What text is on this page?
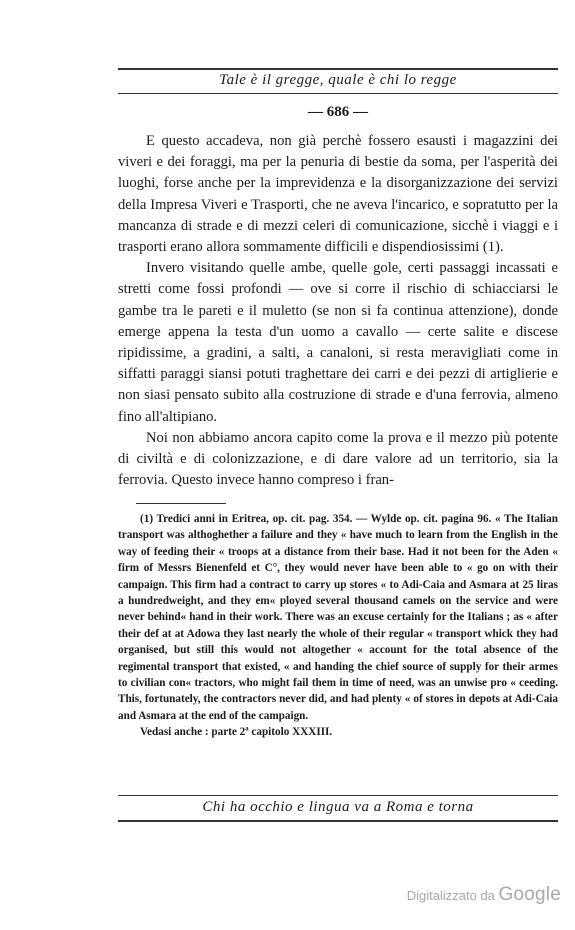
Tale è il gregge, quale è chi lo regge
— 686 —

E questo accadeva, non già perchè fossero esausti i magazzini dei viveri e dei foraggi, ma per la penuria di bestie da soma, per l'asperità dei luoghi, forse anche per la imprevidenza e la disorganizzazione dei servizi della Impresa Viveri e Trasporti, che ne aveva l'incarico, e sopratutto per la mancanza di strade e di mezzi celeri di comunicazione, sicchè i viaggi e i trasporti erano allora sommamente difficili e dispendiosissimi (1).

Invero visitando quelle ambe, quelle gole, certi passaggi incassati e stretti come fossi profondi — ove si corre il rischio di schiacciarsi le gambe tra le pareti e il muletto (se non si fa continua attenzione), donde emerge appena la testa d'un uomo a cavallo — certe salite e discese ripidissime, a gradini, a salti, a canaloni, si resta meravigliati come in siffatti paraggi siansi potuti traghettare dei carri e dei pezzi di artiglierie e non siasi pensato subito alla costruzione di strade e d'una ferrovia, almeno fino all'altipiano.

Noi non abbiamo ancora capito come la prova e il mezzo più potente di civiltà e di colonizzazione, e di dare valore ad un territorio, sia la ferrovia. Questo invece hanno compreso i fran-

(1) Tredici anni in Eritrea, op. cit. pag. 354. — Wylde op. cit. pagina 96. « The Italian transport was althoghether a failure and they « have much to learn from the English in the way of feeding their « troops at a distance from their base. Had it not been for the Aden « firm of Messrs Bienenfeld et C°, they would never have been able to « go on with their campaign. This firm had a contract to carry up stores « to Adi-Caia and Asmara at 25 liras a hundredweight, and they em« ployed several thousand camels on the service and were never behind« hand in their work. There was an excuse certainly for the Italians ; as « after their def at at Adowa they last nearly the whole of their regular « transport whick they had organised, but still this would not altogether « account for the total absence of the regimental transport that existed, « and handing the chief source of supply for their armes to civilian con« tractors, who might fail them in time of need, was an unwise pro « ceeding. This, fortunately, the contractors never did, and had plenty « of stores in depots at Adi-Caia and Asmara at the end of the campaign.

Vedasi anche : parte 2ª capitolo XXXIII.

Chi ha occhio e lingua va a Roma e torna
Digitalizzato da Google
